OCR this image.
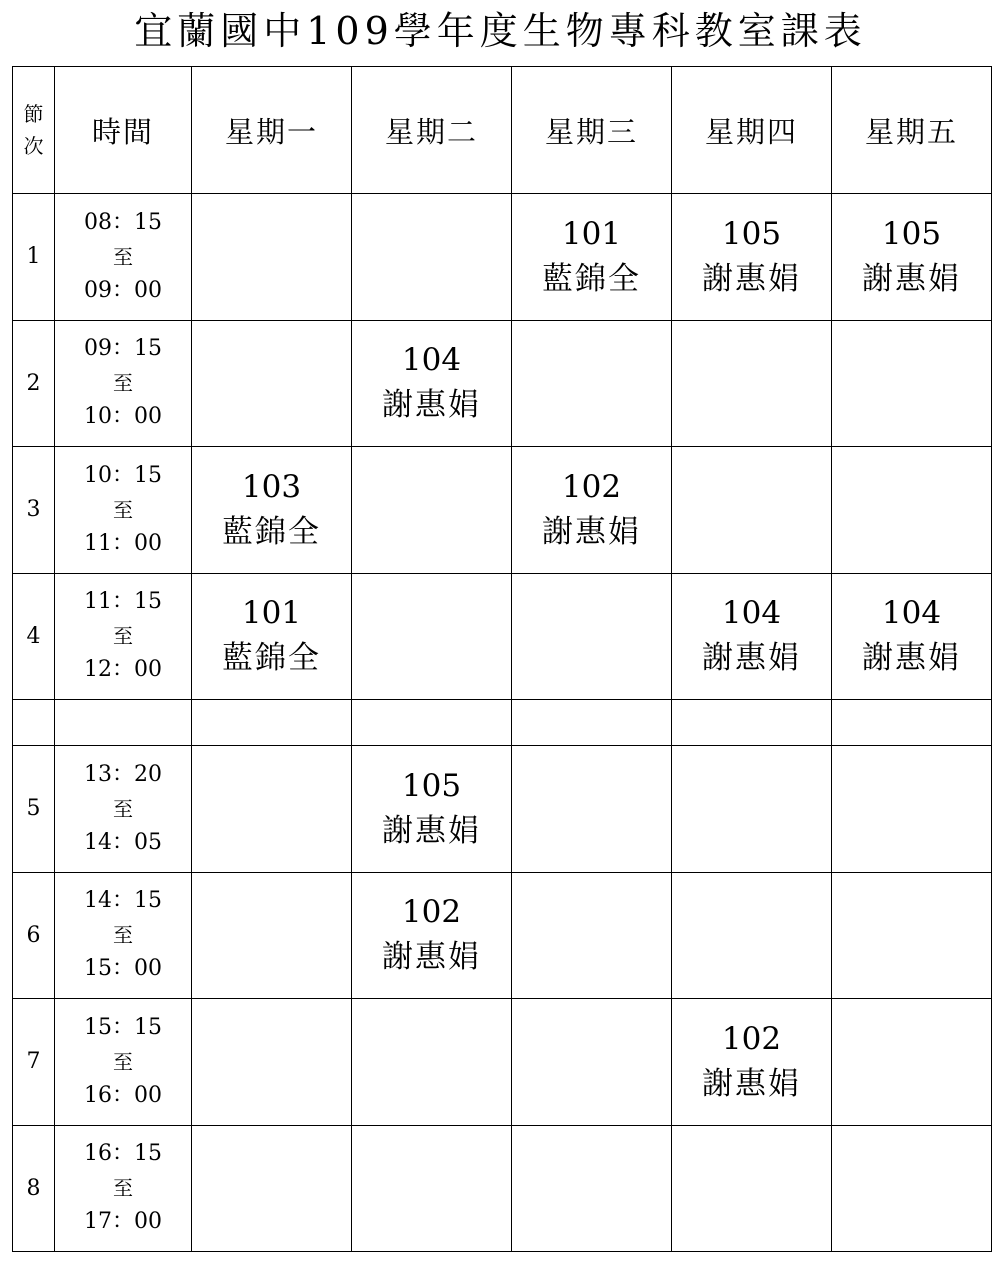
宜蘭國中109學年度生物專科教室課表
節
次	時間	星期一	星期二	星期三	星期四	星期五
1	08：15
至
09：00			101
藍錦全	105
謝惠娟	105
謝惠娟

2	09：15
至
10：00		104
謝惠娟			

3	10：15
至
11：00	103
藍錦全		102
謝惠娟		

4	11：15
至
12：00	101
藍錦全			104
謝惠娟	104
謝惠娟

5	13：20
至
14：05		105
謝惠娟			

6	14：15
至
15：00		102
謝惠娟			

7	15：15
至
16：00				102
謝惠娟	

8	16：15
至
17：00					
